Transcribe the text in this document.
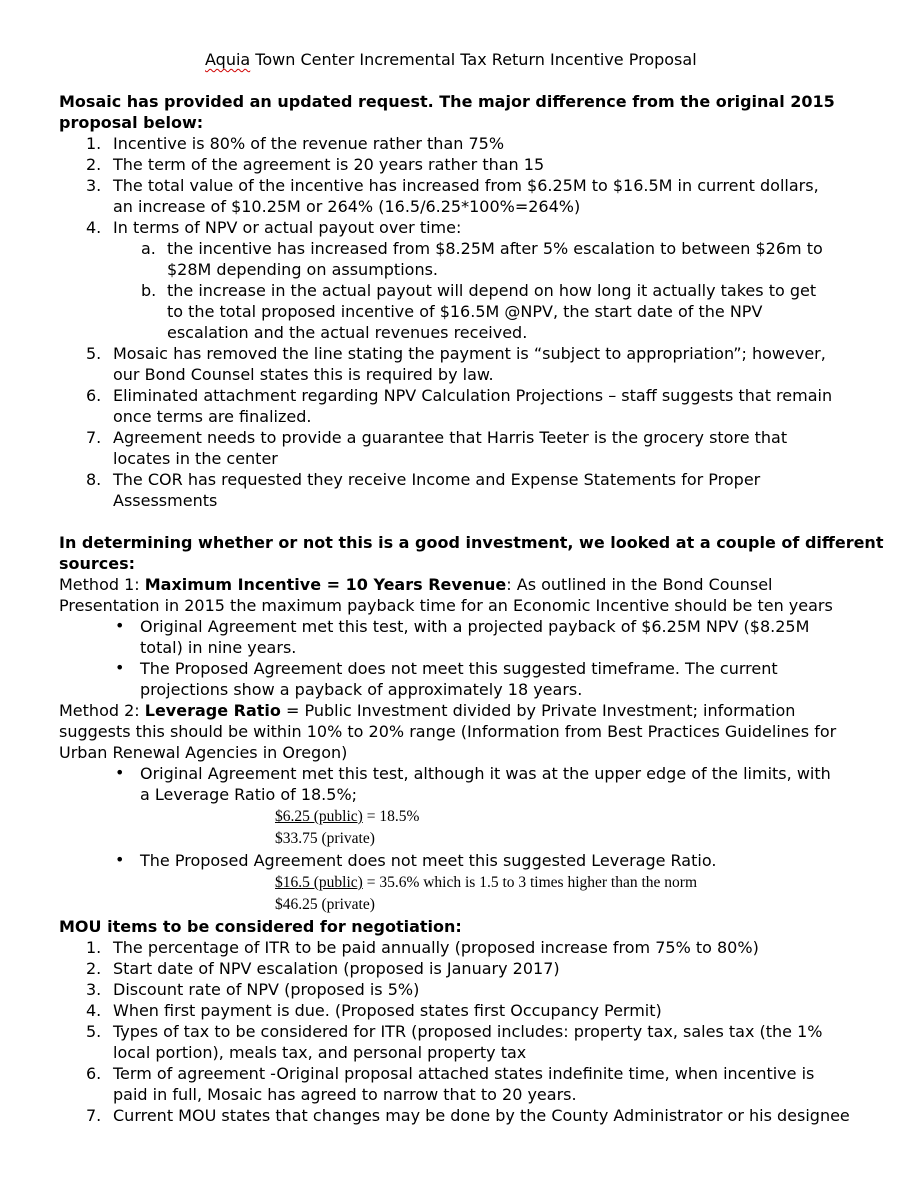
Aquia Town Center Incremental Tax Return Incentive Proposal
Mosaic has provided an updated request. The major difference from the original 2015
proposal below:
1. Incentive is 80% of the revenue rather than 75%
2. The term of the agreement is 20 years rather than 15
3. The total value of the incentive has increased from $6.25M to $16.5M in current dollars,
an increase of $10.25M or 264% (16.5/6.25*100%=264%)
4. In terms of NPV or actual payout over time:
a. the incentive has increased from $8.25M after 5% escalation to between $26m to
$28M depending on assumptions.
b. the increase in the actual payout will depend on how long it actually takes to get
to the total proposed incentive of $16.5M @NPV, the start date of the NPV
escalation and the actual revenues received.
5. Mosaic has removed the line stating the payment is “subject to appropriation”; however,
our Bond Counsel states this is required by law.
6. Eliminated attachment regarding NPV Calculation Projections – staff suggests that remain
once terms are finalized.
7. Agreement needs to provide a guarantee that Harris Teeter is the grocery store that
locates in the center
8. The COR has requested they receive Income and Expense Statements for Proper
Assessments
In determining whether or not this is a good investment, we looked at a couple of different
sources:
Method 1: Maximum Incentive = 10 Years Revenue: As outlined in the Bond Counsel
Presentation in 2015 the maximum payback time for an Economic Incentive should be ten years
• Original Agreement met this test, with a projected payback of $6.25M NPV ($8.25M
total) in nine years.
• The Proposed Agreement does not meet this suggested timeframe. The current
projections show a payback of approximately 18 years.
Method 2: Leverage Ratio = Public Investment divided by Private Investment; information
suggests this should be within 10% to 20% range (Information from Best Practices Guidelines for
Urban Renewal Agencies in Oregon)
• Original Agreement met this test, although it was at the upper edge of the limits, with
a Leverage Ratio of 18.5%;
$6.25 (public) = 18.5%
$33.75 (private)
• The Proposed Agreement does not meet this suggested Leverage Ratio.
$16.5 (public) = 35.6% which is 1.5 to 3 times higher than the norm
$46.25 (private)
MOU items to be considered for negotiation:
1. The percentage of ITR to be paid annually (proposed increase from 75% to 80%)
2. Start date of NPV escalation (proposed is January 2017)
3. Discount rate of NPV (proposed is 5%)
4. When first payment is due. (Proposed states first Occupancy Permit)
5. Types of tax to be considered for ITR (proposed includes: property tax, sales tax (the 1%
local portion), meals tax, and personal property tax
6. Term of agreement -Original proposal attached states indefinite time, when incentive is
paid in full, Mosaic has agreed to narrow that to 20 years.
7. Current MOU states that changes may be done by the County Administrator or his designee
